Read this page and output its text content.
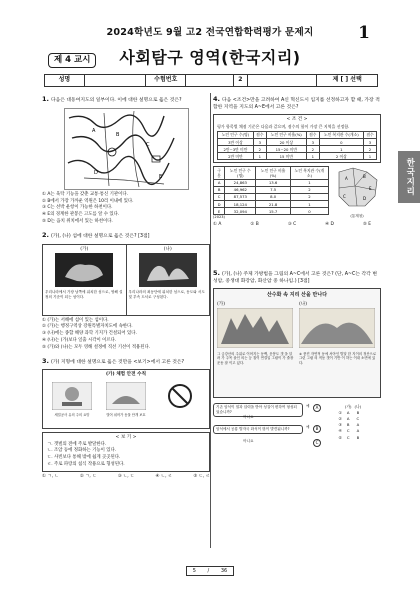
2024학년도 9월 고2 전국연합학력평가 문제지	1
제 4 교시	사회탐구 영역(한국지리)
성명	수험번호	2	제 [ ] 선택
한국지리
1. 다음은 대동여지도의 일부이다. 이에 대한 설명으로 옳은 것은?
A
B
C
D
E
① A는 육탁 기능을 갖춘 교통·통신 기관이다.
② B에서 가장 가까운 역원은 10리 이내에 있다.
③ C는 선박 운항이 가능한 하천이다.
④ E의 경계한 관봉은 고도를 알 수 있다.
⑤ D는 읍치 위치에서 있는 하천이다.
2. (가), (나) 섬에 대한 설명으로 옳은 것은? [3점]
(가)
우리나라에서 가장 남쪽에 위치한 섬으로, 영해 설정의 기준이 되는 섬이다.
(나)
우리나라의 최동단에 위치한 섬으로, 동도와 서도 및 부속 도서로 구성된다.
① (가)는 서해에 섬이 있는 섬이다.
② (가)는 행정구역상 강원특별자치도에 속한다.
③ (나)에는 종합 해양 과학 기지가 건설되어 있다.
④ (나)는 (가)보다 일출 시각이 이르다.
⑤ (가)와 (나)는 모두 영해 설정에 직선 기선이 적용된다.
3. (가) 지형에 대한 설명으로 옳은 것만을 <보기>에서 고른 것은?
(가) 체험 안전 수칙
세밀공사 유의 주의 요망	벌어 쉬어가 동물 안개 보호
< 보 기 >
ㄱ. 갯벌의 전에 주로 발달한다.
ㄴ. 조암 등에 정화하는 기능이 있다.
ㄷ. 사빈보다 통해 밖에 쉽게 곳곳된다.
ㄹ. 주로 파랑의 침식 작용으로 형성된다.
① ㄱ, ㄴ	② ㄱ, ㄷ	③ ㄴ, ㄷ	④ ㄴ, ㄹ	⑤ ㄷ, ㄹ
4. 다음 <조건>만을 고려하여 A신 혁신도시 입지를 선정하고자 할 때, 가장 적합한 지역을 지도의 A~E에서 고른 것은?
< 조 건 >
평가 항목별 채점 기준은 다음과 같으며, 점수의 합이 가장 큰 지역을 선정함.
노인 인구 수(명)	점수	노인 인구 비율(%)	점수	노인 복지관 수(개소)	점수
3만 이상	3	20 이상	3	0	3
2만~3만 미만	2	15~20 미만	2	1	2
2만 미만	1	15 미만	1	2 이상	1
구분	노인 인구 수(명)	노인 인구 비율(%)	노인 복지관 수(개소)
A	24,863	13.6	1
B	46,962	7.5	2
C	87,573	8.0	2
D	18,124	21.8	1
E	32,094	15.7	0
(2023)
A	B
C	D
E
(통계청)
① A	② B	③ C	④ D	⑤ E
5. (가), (나) 주제 가방법을 그림의 A~C에서 고른 것은? (단, A~C는 각각 변성암, 중생대 화강암, 화산암 중 하나임.) [3점]
산수화 속 지리 산을 만나다
(가)
그 금강산의 주위로 이어지는 동백, 운봉도 갯 을 알려 가 주목 솔인 의는 등 칠이 연결입 그림이 가 줄장 운동 잘 이고 있다.
(나)
② 풍진 자연적 동에 서아인 발달 한 지이의 정산으로 그린 그림 의 적동 갯이 기반 이 하는 이내 소면에 있다.
기존 암석이 열과 압력을 받아 성질이 변하여 형성되었습니까?
암석에서 공룡 발자국 화석이 많이 발견됩니까?
예	A
예	B
아니요
아니요	C
	(가)	(나)
①	A	B
②	A	C
③	B	A
④	C	A
⑤	C	B
5 / 36
